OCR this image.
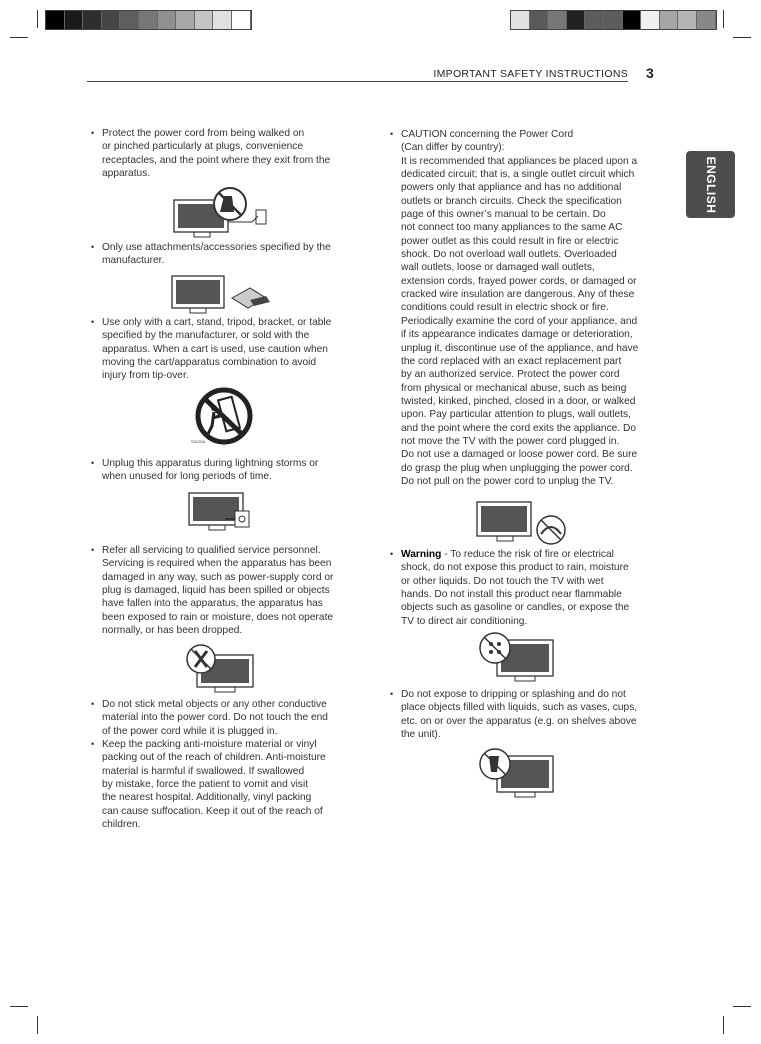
IMPORTANT SAFETY INSTRUCTIONS 3
ENGLISH
• Protect the power cord from being walked on
or pinched particularly at plugs, convenience
receptacles, and the point where they exit from the
apparatus.
• Only use attachments/accessories specified by the
manufacturer.
• Use only with a cart, stand, tripod, bracket, or table
specified by the manufacturer, or sold with the
apparatus. When a cart is used, use caution when
moving the cart/apparatus combination to avoid
injury from tip-over.
• Unplug this apparatus during lightning storms or
when unused for long periods of time.
• Refer all servicing to qualified service personnel.
Servicing is required when the apparatus has been
damaged in any way, such as power-supply cord or
plug is damaged, liquid has been spilled or objects
have fallen into the apparatus, the apparatus has
been exposed to rain or moisture, does not operate
normally, or has been dropped.
• Do not stick metal objects or any other conductive
material into the power cord. Do not touch the end
of the power cord while it is plugged in.
• Keep the packing anti-moisture material or vinyl
packing out of the reach of children. Anti-moisture
material is harmful if swallowed. If swallowed
by mistake, force the patient to vomit and visit
the nearest hospital. Additionally, vinyl packing
can cause suffocation. Keep it out of the reach of
children.
• CAUTION concerning the Power Cord
(Can differ by country):
It is recommended that appliances be placed upon a
dedicated circuit; that is, a single outlet circuit which
powers only that appliance and has no additional
outlets or branch circuits. Check the specification
page of this owner’s manual to be certain. Do
not connect too many appliances to the same AC
power outlet as this could result in fire or electric
shock. Do not overload wall outlets. Overloaded
wall outlets, loose or damaged wall outlets,
extension cords, frayed power cords, or damaged or
cracked wire insulation are dangerous. Any of these
conditions could result in electric shock or fire.
Periodically examine the cord of your appliance, and
if its appearance indicates damage or deterioration,
unplug it, discontinue use of the appliance, and have
the cord replaced with an exact replacement part
by an authorized service. Protect the power cord
from physical or mechanical abuse, such as being
twisted, kinked, pinched, closed in a door, or walked
upon. Pay particular attention to plugs, wall outlets,
and the point where the cord exits the appliance. Do
not move the TV with the power cord plugged in.
Do not use a damaged or loose power cord. Be sure
do grasp the plug when unplugging the power cord.
Do not pull on the power cord to unplug the TV.
• Warning - To reduce the risk of fire or electrical
shock, do not expose this product to rain, moisture
or other liquids. Do not touch the TV with wet
hands. Do not install this product near flammable
objects such as gasoline or candles, or expose the
TV to direct air conditioning.
• Do not expose to dripping or splashing and do not
place objects filled with liquids, such as vases, cups,
etc. on or over the apparatus (e.g. on shelves above
the unit).
S3125A
